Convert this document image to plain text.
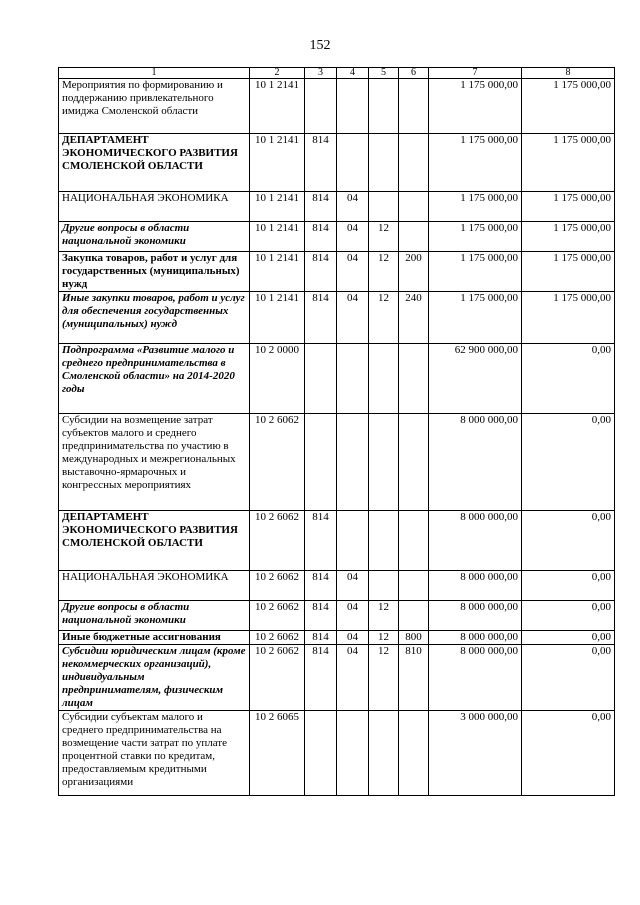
152
1	2	3	4	5	6	7	8
Мероприятия по формированию и поддержанию привлекательного имиджа Смоленской области	10 1 2141					1 175 000,00	1 175 000,00
ДЕПАРТАМЕНТ ЭКОНОМИЧЕСКОГО РАЗВИТИЯ СМОЛЕНСКОЙ ОБЛАСТИ	10 1 2141	814				1 175 000,00	1 175 000,00
НАЦИОНАЛЬНАЯ ЭКОНОМИКА	10 1 2141	814	04			1 175 000,00	1 175 000,00
Другие вопросы в области национальной экономики	10 1 2141	814	04	12		1 175 000,00	1 175 000,00
Закупка товаров, работ и услуг для государственных (муниципальных) нужд	10 1 2141	814	04	12	200	1 175 000,00	1 175 000,00
Иные закупки товаров, работ и услуг для обеспечения государственных (муниципальных) нужд	10 1 2141	814	04	12	240	1 175 000,00	1 175 000,00
Подпрограмма «Развитие малого и среднего предпринимательства в Смоленской области» на 2014-2020 годы	10 2 0000					62 900 000,00	0,00
Субсидии на возмещение затрат субъектов малого и среднего предпринимательства по участию в международных и межрегиональных выставочно-ярмарочных и конгрессных мероприятиях	10 2 6062					8 000 000,00	0,00
ДЕПАРТАМЕНТ ЭКОНОМИЧЕСКОГО РАЗВИТИЯ СМОЛЕНСКОЙ ОБЛАСТИ	10 2 6062	814				8 000 000,00	0,00
НАЦИОНАЛЬНАЯ ЭКОНОМИКА	10 2 6062	814	04			8 000 000,00	0,00
Другие вопросы в области национальной экономики	10 2 6062	814	04	12		8 000 000,00	0,00
Иные бюджетные ассигнования	10 2 6062	814	04	12	800	8 000 000,00	0,00
Субсидии юридическим лицам (кроме некоммерческих организаций), индивидуальным предпринимателям, физическим лицам	10 2 6062	814	04	12	810	8 000 000,00	0,00
Субсидии субъектам малого и среднего предпринимательства на возмещение части затрат по уплате процентной ставки по кредитам, предоставляемым кредитными организациями	10 2 6065					3 000 000,00	0,00
